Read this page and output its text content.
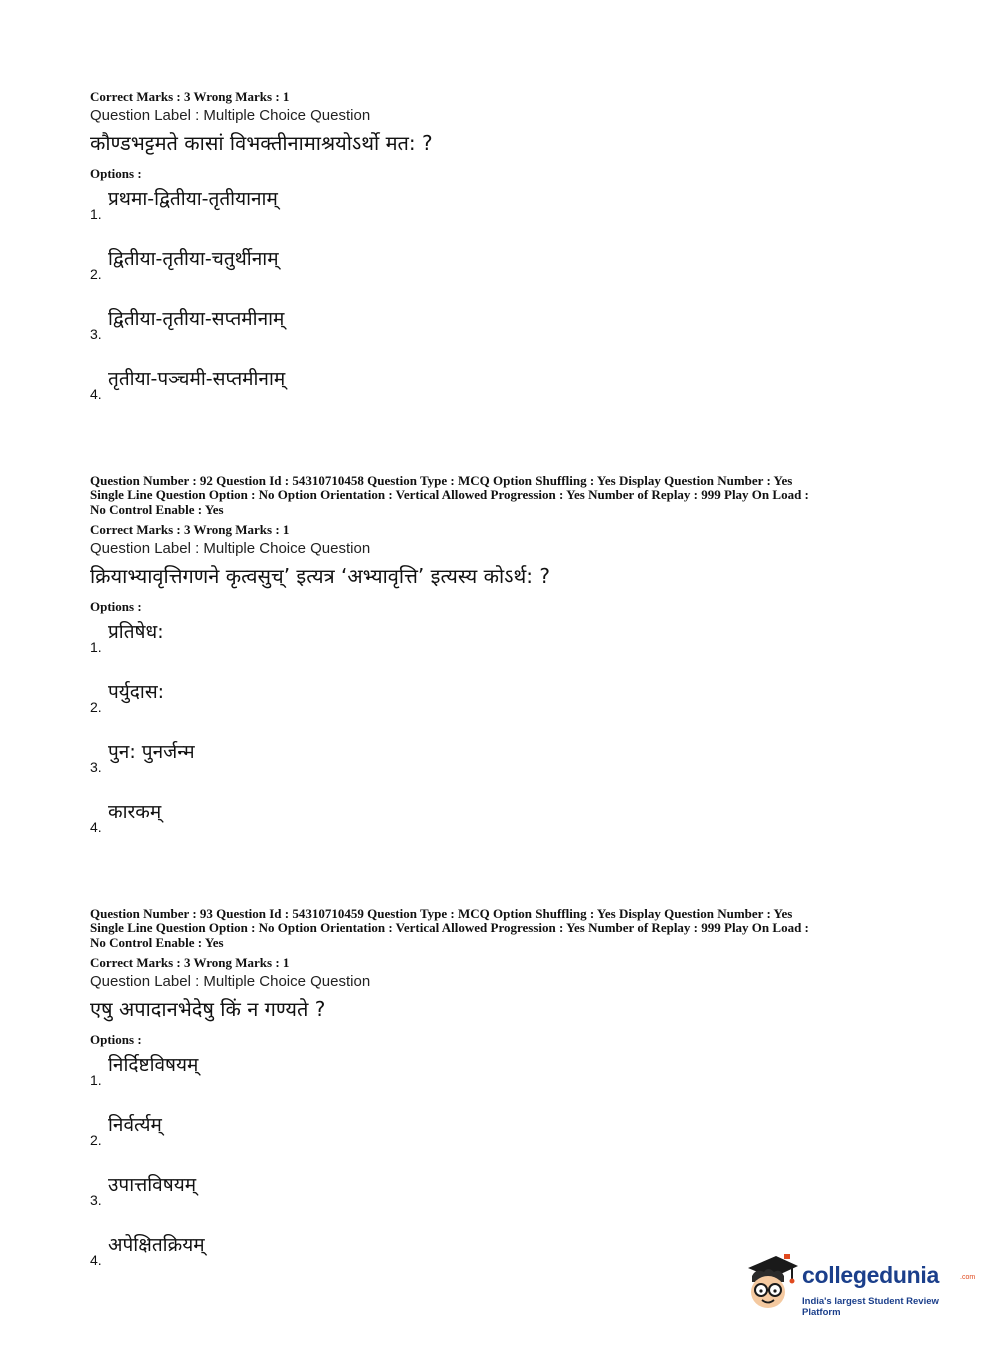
Correct Marks : 3 Wrong Marks : 1
Question Label : Multiple Choice Question
कौण्डभट्टमते कासां विभक्तीनामाश्रयोऽर्थो मत: ?
Options :
1.
प्रथमा-द्वितीया-तृतीयानाम्
2.
द्वितीया-तृतीया-चतुर्थीनाम्
3.
द्वितीया-तृतीया-सप्तमीनाम्
4.
तृतीया-पञ्चमी-सप्तमीनाम्
Question Number : 92 Question Id : 54310710458 Question Type : MCQ Option Shuffling : Yes Display Question Number : Yes
Single Line Question Option : No Option Orientation : Vertical Allowed Progression : Yes Number of Replay : 999 Play On Load :
No Control Enable : Yes
Correct Marks : 3 Wrong Marks : 1
Question Label : Multiple Choice Question
क्रियाभ्यावृत्तिगणने कृत्वसुच्’ इत्यत्र ‘अभ्यावृत्ति’ इत्यस्य कोऽर्थ: ?
Options :
1.
प्रतिषेध:
2.
पर्युदास:
3.
पुन: पुनर्जन्म
4.
कारकम्
Question Number : 93 Question Id : 54310710459 Question Type : MCQ Option Shuffling : Yes Display Question Number : Yes
Single Line Question Option : No Option Orientation : Vertical Allowed Progression : Yes Number of Replay : 999 Play On Load :
No Control Enable : Yes
Correct Marks : 3 Wrong Marks : 1
Question Label : Multiple Choice Question
एषु अपादानभेदेषु किं न गण्यते ?
Options :
1.
निर्दिष्टविषयम्
2.
निर्वर्त्यम्
3.
उपात्तविषयम्
4.
अपेक्षितक्रियम्
collegedunia	.com
India's largest Student Review Platform
